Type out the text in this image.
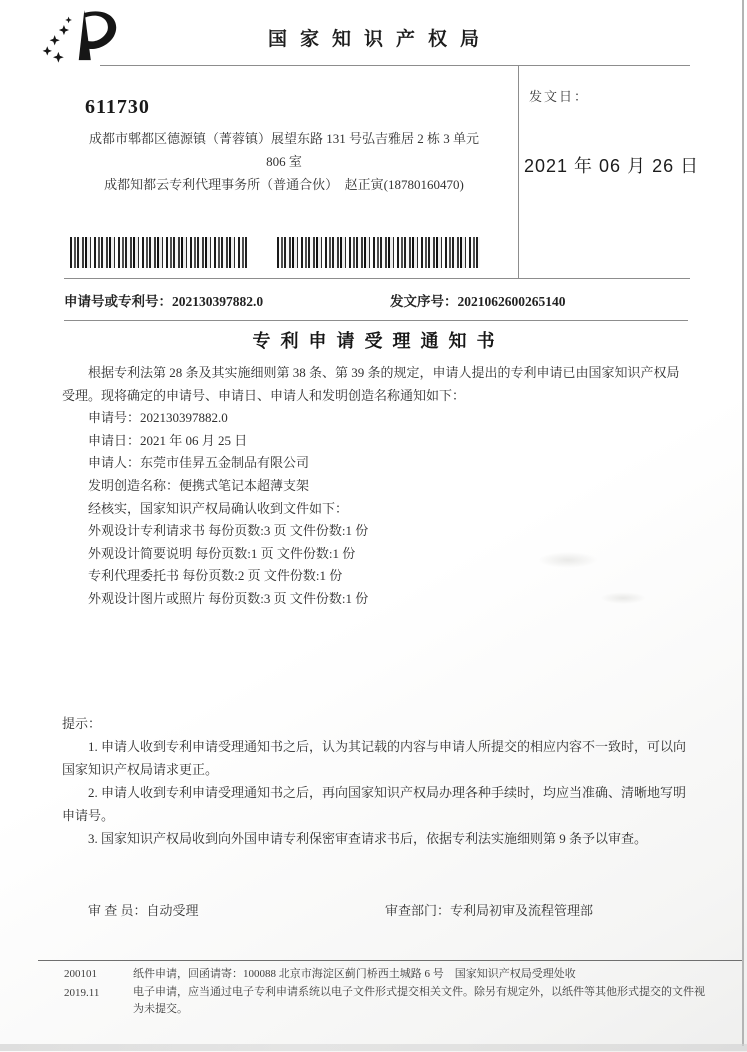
国家知识产权局
发文日：
2021 年 06 月 26 日
611730
成都市郫都区德源镇（菁蓉镇）展望东路 131 号弘吉雅居 2 栋 3 单元
806 室
成都知都云专利代理事务所（普通合伙）　赵正寅(18780160470)
申请号或专利号：202130397882.0	发文序号：2021062600265140
专利申请受理通知书

根据专利法第 28 条及其实施细则第 38 条、第 39 条的规定，申请人提出的专利申请已由国家知识产权局受理。现将确定的申请号、申请日、申请人和发明创造名称通知如下：

申请号：202130397882.0

申请日：2021 年 06 月 25 日

申请人：东莞市佳昇五金制品有限公司

发明创造名称：便携式笔记本超薄支架

经核实，国家知识产权局确认收到文件如下：

外观设计专利请求书 每份页数:3 页 文件份数:1 份

外观设计简要说明 每份页数:1 页 文件份数:1 份

专利代理委托书 每份页数:2 页 文件份数:1 份

外观设计图片或照片 每份页数:3 页 文件份数:1 份

提示：

1. 申请人收到专利申请受理通知书之后，认为其记载的内容与申请人所提交的相应内容不一致时，可以向国家知识产权局请求更正。

2. 申请人收到专利申请受理通知书之后，再向国家知识产权局办理各种手续时，均应当准确、清晰地写明申请号。

3. 国家知识产权局收到向外国申请专利保密审查请求书后，依据专利法实施细则第 9 条予以审查。

审 查 员：自动受理	审查部门：专利局初审及流程管理部
200101
2019.11

纸件申请，回函请寄：100088 北京市海淀区蓟门桥西土城路 6 号　国家知识产权局受理处收

电子申请，应当通过电子专利申请系统以电子文件形式提交相关文件。除另有规定外，以纸件等其他形式提交的文件视为未提交。
